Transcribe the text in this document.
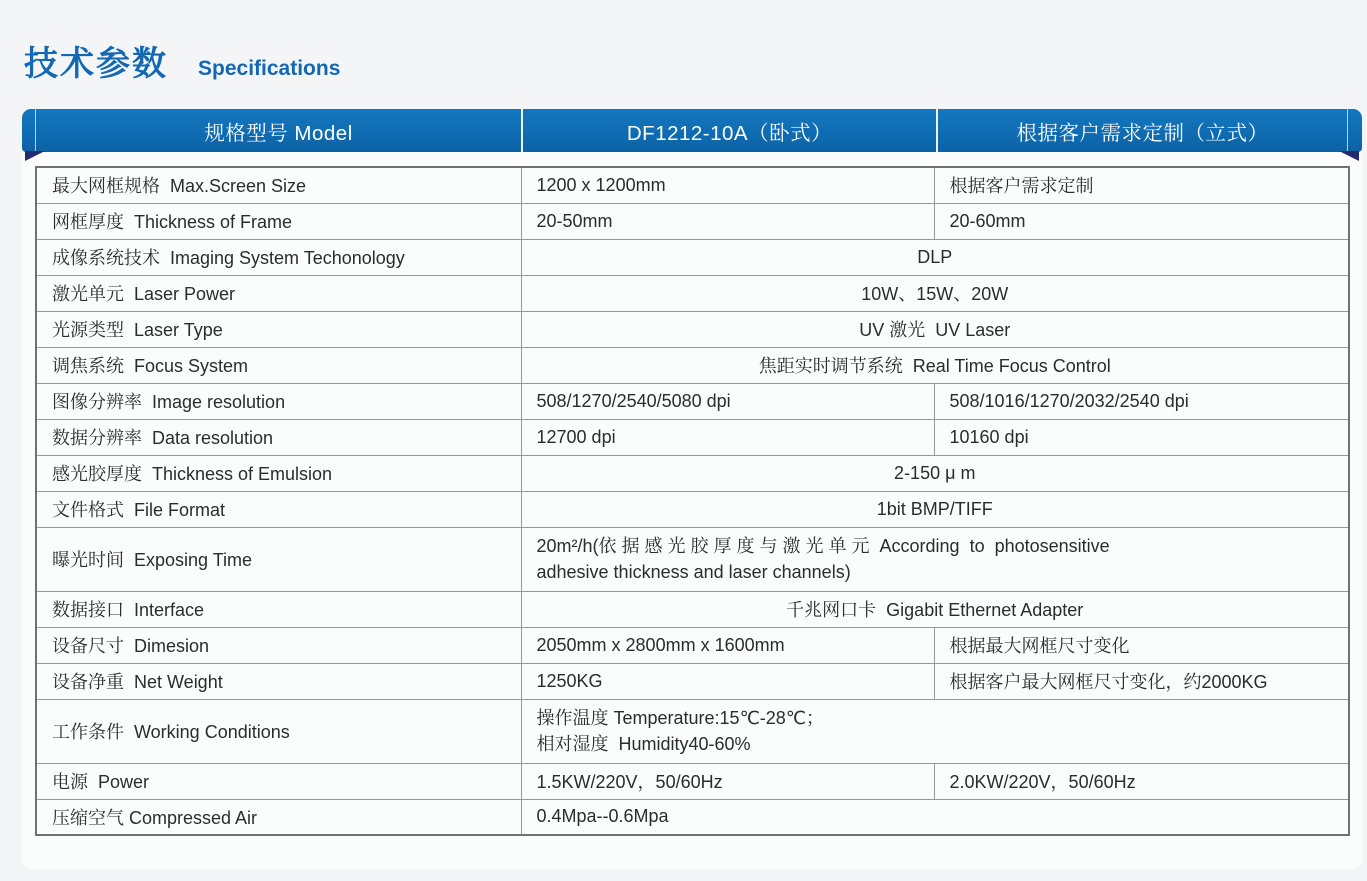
技术参数 Specifications
规格型号 Model	DF1212-10A（卧式）	根据客户需求定制（立式）
最大网框规格  Max.Screen Size	1200 x 1200mm	根据客户需求定制
网框厚度  Thickness of Frame	20-50mm	20-60mm
成像系统技术  Imaging System Techonology	DLP	
激光单元  Laser Power	10W、15W、20W	
光源类型  Laser Type	UV 激光  UV Laser	
调焦系统  Focus System	焦距实时调节系统  Real Time Focus Control	
图像分辨率  Image resolution	508/1270/2540/5080 dpi	508/1016/1270/2032/2540 dpi
数据分辨率  Data resolution	12700 dpi	10160 dpi
感光胶厚度  Thickness of Emulsion	2-150 μ m	
文件格式  File Format	1bit BMP/TIFF	
曝光时间  Exposing Time	20m²/h(依 据 感 光 胶 厚 度 与 激 光 单 元  According  to  photosensitive
adhesive thickness and laser channels)	

数据接口  Interface	千兆网口卡  Gigabit Ethernet Adapter	
设备尺寸  Dimesion	2050mm x 2800mm x 1600mm	根据最大网框尺寸变化
设备净重  Net Weight	1250KG	根据客户最大网框尺寸变化，约2000KG
工作条件  Working Conditions	操作温度 Temperature:15℃-28℃；
相对湿度  Humidity40-60%	

电源  Power	1.5KW/220V，50/60Hz	2.0KW/220V，50/60Hz
压缩空气 Compressed Air	0.4Mpa--0.6Mpa	
